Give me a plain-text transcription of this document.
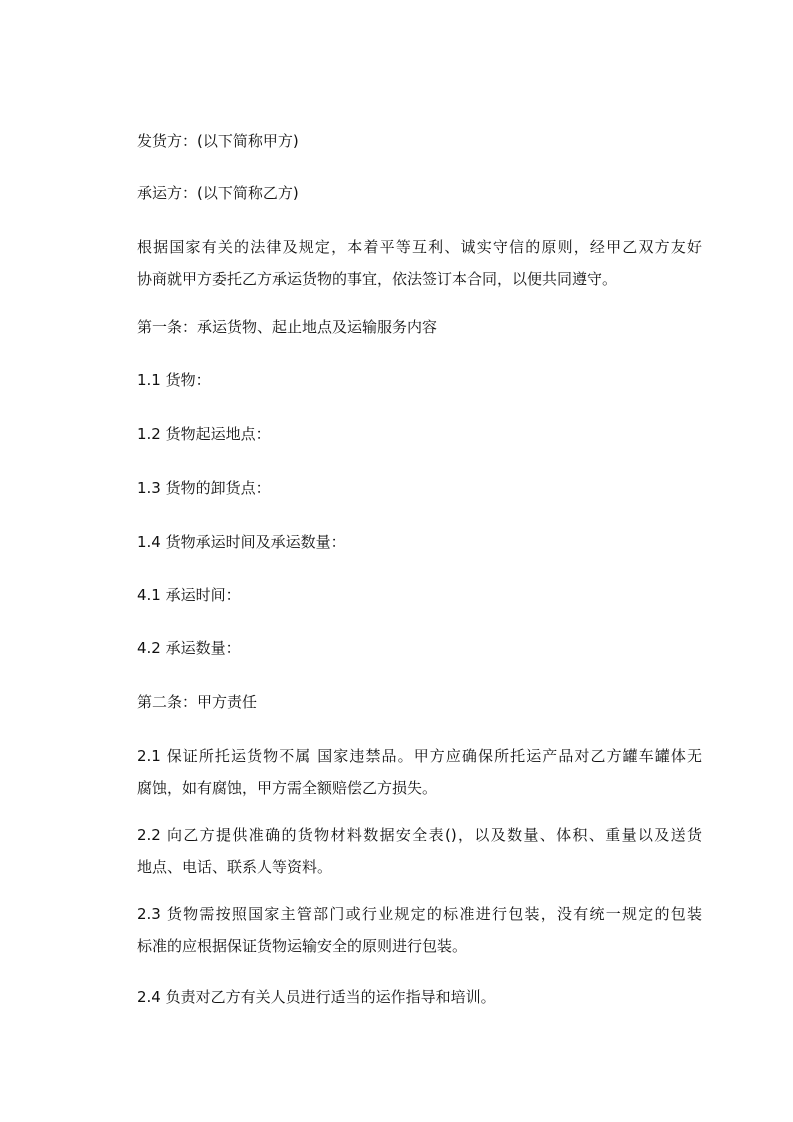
发货方：(以下简称甲方)

承运方：(以下简称乙方)

根据国家有关的法律及规定，本着平等互利、诚实守信的原则，经甲乙双方友好
协商就甲方委托乙方承运货物的事宜，依法签订本合同，以便共同遵守。

第一条：承运货物、起止地点及运输服务内容

1.1 货物：

1.2 货物起运地点：

1.3 货物的卸货点：

1.4 货物承运时间及承运数量：

4.1 承运时间：

4.2 承运数量：

第二条：甲方责任

2.1 保证所托运货物不属 国家违禁品。甲方应确保所托运产品对乙方罐车罐体无
腐蚀，如有腐蚀，甲方需全额赔偿乙方损失。
2.2 向乙方提供准确的货物材料数据安全表()，以及数量、体积、重量以及送货
地点、电话、联系人等资料。
2.3 货物需按照国家主管部门或行业规定的标准进行包装，没有统一规定的包装
标准的应根据保证货物运输安全的原则进行包装。

2.4 负责对乙方有关人员进行适当的运作指导和培训。
